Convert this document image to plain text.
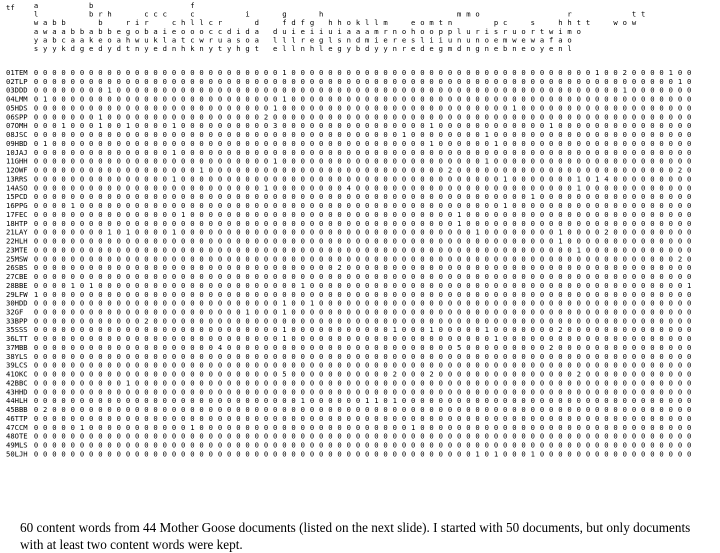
tf	a	b	f
l	b r h	c c c	c	i	g	h	m m o	r	t t
w a b b	b	r i r	c h l l c r	d	f d f g h h o k l l m	e o m t n	p c	s	h h t t	w o w
a w a a b b a b b e g o b a i e o o o c c d i d a d u i e i i u i a a a m r n o h o o p p l u r i s r u o r t w i m o
y a b c a a k e o a h w u k l a t c w r u a s o a l l l r e g l s n d m i e r e s l i i u n u n o e m w e w a f a o
s y y k d g e d y d t n y e d n h k n y t y h g t e l l n h l e g y b d y y n r e d e g m d n g n e b n e o y e n l
01TEM 0 0 0 0 0 0 0 0 0 0 0 0 0 0 0 0 0 0 0 0 0 0 0 0 0 0 0 1 0 0 0 0 0 0 0 0 0 0 0 0 0 0 0 0 0 0 0 0 0 0 0 0 0 0 0 0 0 0 0 0 0 1 0 0 2 0 0 0 0 1 0 0
02TLP 0 0 0 0 0 0 0 0 0 0 0 0 0 0 0 0 0 0 0 0 0 0 0 0 0 0 0 0 0 0 0 0 0 0 0 0 0 0 0 0 0 0 0 0 0 0 0 0 0 0 0 0 0 0 0 0 0 0 0 0 0 0 0 0 0 0 0 0 0 0 1 0
03DDD 0 0 0 0 0 0 0 0 1 0 0 0 0 0 0 0 0 0 0 0 0 0 0 0 0 0 0 0 0 0 0 0 0 0 0 0 0 0 0 0 0 0 0 0 0 0 0 0 0 0 0 0 0 0 0 0 0 0 0 0 0 0 0 0 1 0 0 0 0 0 0 0
04LMM 0 1 0 0 0 0 0 0 0 0 0 0 0 0 0 0 0 0 0 0 0 0 0 0 0 0 0 1 0 0 0 0 0 0 0 0 0 0 0 0 0 0 0 0 0 0 0 0 0 0 0 0 0 0 0 0 0 0 0 0 0 0 0 0 0 0 0 0 0 0 0 0
05HDS 0 0 0 0 0 0 0 0 0 0 0 0 0 0 0 0 0 0 0 0 0 0 0 0 0 0 1 0 0 0 0 0 0 0 0 0 0 0 0 0 0 0 0 0 0 0 0 0 0 0 0 0 1 0 0 0 0 0 0 0 0 0 0 0 0 0 0 0 0 0 0 0
06SPP 0 0 0 0 0 0 0 1 0 0 0 0 0 0 0 0 0 0 0 0 0 0 0 0 0 2 0 0 0 0 0 0 0 0 0 0 0 0 0 0 0 0 0 0 0 0 0 0 0 0 0 0 0 0 0 0 0 0 0 0 0 0 0 0 0 0 0 0 0 0 0 0
07OMH 0 0 0 1 0 0 0 1 0 0 1 0 0 0 0 1 0 0 0 0 0 0 0 0 0 0 3 0 0 0 0 0 0 0 0 0 0 0 0 0 0 0 0 1 0 0 0 0 0 0 0 0 0 0 0 0 1 0 0 0 0 0 0 0 0 0 0 0 0 0 0 0
08JSC 0 0 0 0 0 0 0 0 0 0 0 0 0 0 0 0 0 0 0 0 0 0 0 0 0 0 0 0 0 0 0 0 0 0 0 0 0 0 0 0 1 0 0 0 0 0 0 0 0 1 0 0 0 0 0 0 0 0 0 0 0 0 0 0 0 0 0 0 0 0 0 0
09HBD 0 1 0 0 0 0 0 0 0 0 0 0 0 0 0 0 0 0 0 0 0 0 0 0 0 0 0 0 0 0 0 0 0 0 0 0 0 0 0 0 0 0 0 1 0 0 0 0 0 0 1 0 0 0 0 0 0 0 0 0 0 0 0 0 0 0 0 0 0 0 0 0
10JAJ 0 0 0 0 0 0 0 0 0 0 0 0 0 0 0 1 0 0 0 0 0 0 0 0 0 0 0 0 0 0 0 0 0 0 0 0 0 0 0 0 0 0 0 0 0 0 0 0 0 0 0 0 0 0 0 0 0 0 0 0 0 0 0 0 0 0 0 0 0 0 0 0
11GHH 0 0 0 0 0 0 0 0 0 0 0 0 0 0 0 0 0 0 0 0 0 0 0 0 0 0 1 0 0 0 0 0 0 0 0 0 0 0 0 0 0 0 0 0 0 0 0 0 0 1 0 0 0 0 0 0 0 0 0 0 0 0 0 0 0 0 0 0 0 0 0 0
12OWF 0 0 0 0 0 0 0 0 0 0 0 0 0 0 0 0 0 0 1 0 0 0 0 0 0 0 0 0 0 0 0 0 0 0 0 0 0 0 0 0 0 0 0 0 0 2 0 0 0 0 0 0 0 0 0 0 0 0 0 0 0 0 0 0 0 0 0 0 0 0 2 0
13RRS 0 0 0 0 0 0 0 0 0 0 0 0 0 0 0 1 0 0 0 0 0 0 0 0 0 0 0 0 0 0 0 0 0 0 0 0 0 0 0 0 0 0 0 0 0 0 0 0 0 0 0 1 0 0 0 0 0 0 0 1 0 1 4 0 0 0 0 0 0 0 0 0
14ASO 0 0 0 0 0 0 0 0 0 0 0 0 0 0 0 0 0 0 0 0 0 0 0 0 0 1 0 0 0 0 0 0 0 0 4 0 0 0 0 0 0 0 0 0 0 0 0 0 0 0 0 0 0 0 0 0 0 0 0 1 0 0 0 0 0 0 0 0 0 0 0 0
15PCD 0 0 0 0 0 0 0 0 0 0 0 0 0 0 0 0 0 0 0 0 0 0 0 0 0 0 0 0 0 0 0 0 0 0 0 0 0 0 0 0 0 0 0 0 0 0 0 0 0 0 0 0 0 0 1 0 0 0 0 0 0 0 0 0 0 0 0 0 0 0 0 0
16PPG 0 0 0 0 1 0 0 0 0 0 0 0 0 0 0 0 0 0 0 0 0 0 0 0 0 0 0 0 0 0 0 0 0 0 0 0 0 0 0 0 0 0 0 0 0 0 0 0 0 0 0 1 0 0 0 0 0 0 0 0 0 0 0 0 0 0 0 0 0 0 0 0
17FEC 0 0 0 0 0 0 0 0 0 0 0 0 0 0 0 0 1 0 0 0 0 0 0 0 0 0 0 0 0 0 0 0 0 0 0 0 0 0 0 0 0 0 0 0 0 0 1 0 0 0 0 0 0 0 0 0 0 0 0 0 0 0 0 0 0 0 0 0 0 0 0 0
18HTP 0 0 0 0 0 0 0 0 0 0 0 0 0 0 0 0 0 0 0 0 0 0 0 0 0 0 0 0 0 0 0 0 0 0 0 0 0 0 0 0 0 0 0 0 0 0 1 0 0 0 0 0 0 0 0 0 0 0 0 0 0 0 0 0 0 0 0 0 0 0 0 0
21LAY 0 0 0 0 0 0 0 0 1 0 1 0 0 0 0 1 0 0 0 0 0 0 0 0 0 0 0 0 0 0 0 0 0 0 0 0 0 0 0 0 0 0 0 0 0 0 0 0 1 0 0 0 0 0 0 0 0 1 0 0 0 0 2 0 0 0 0 0 0 0 0 0
22HLH 0 0 0 0 0 0 0 0 0 0 0 0 0 0 0 0 0 0 0 0 0 0 0 0 0 0 0 0 0 0 0 0 0 0 0 0 0 0 0 0 0 0 0 0 0 0 0 0 0 0 0 0 0 0 0 0 0 1 0 0 0 0 0 0 0 0 0 0 0 0 0 0
23MTE 0 0 0 0 0 0 0 0 0 0 0 0 0 0 0 0 0 0 0 0 0 0 0 0 0 0 0 0 0 0 0 0 0 0 0 0 0 0 0 0 0 0 0 0 0 0 0 0 0 0 0 0 0 0 0 0 0 0 0 1 0 0 0 0 0 0 0 0 0 0 0 0
25MSW 0 0 0 0 0 0 0 0 0 0 0 0 0 0 0 0 0 0 0 0 0 0 0 0 0 0 0 0 0 0 0 0 0 0 0 0 0 0 0 0 0 0 0 0 0 0 0 0 0 0 0 0 0 0 0 0 0 0 0 0 0 0 0 0 0 0 0 0 0 0 2 0
26SBS 0 0 0 0 0 0 0 0 0 0 0 0 0 0 0 0 0 0 0 0 0 0 0 0 0 0 0 0 0 0 0 0 0 2 0 0 0 0 0 0 0 0 0 0 0 0 0 0 0 0 0 0 0 0 0 0 0 0 0 0 0 0 0 0 0 0 0 0 0 0 0 0
27CBE 0 0 0 0 0 0 0 0 0 0 0 0 0 0 0 0 0 0 0 0 0 0 0 0 0 0 0 0 0 0 0 0 0 0 0 0 0 0 0 0 0 0 0 0 0 0 0 0 0 0 0 0 0 0 0 0 0 0 0 0 0 0 0 0 0 0 0 0 0 0 0 0
28BBE 0 0 0 0 1 0 1 0 0 0 0 0 0 0 0 0 0 0 0 0 0 0 0 0 0 0 0 0 0 1 0 0 0 0 0 0 0 0 0 0 0 0 0 0 0 0 0 0 0 0 0 0 0 0 0 0 0 0 0 0 0 0 0 0 0 0 0 0 0 0 0 1
29LFW 1 0 0 0 0 0 0 0 0 0 0 0 0 0 0 0 0 0 0 0 0 0 0 0 0 0 0 0 0 0 0 0 0 0 0 0 0 0 0 0 0 0 0 0 0 0 0 0 0 0 0 0 0 0 0 0 0 0 0 0 0 0 0 0 0 0 0 0 0 0 0 0
30HDD 0 0 0 0 0 0 0 0 0 0 0 0 0 0 0 0 0 0 0 0 0 0 0 0 0 0 0 1 0 0 1 0 0 0 0 0 0 0 0 0 0 0 0 0 0 0 0 0 0 0 0 0 0 0 0 0 0 0 0 0 0 0 0 0 0 0 0 0 0 0 0 0
32GF 0 0 0 0 0 0 0 0 0 0 0 0 0 0 0 0 0 0 0 0 0 0 0 1 0 0 0 1 0 0 0 0 0 0 0 0 0 0 0 0 0 0 0 0 0 0 0 0 0 0 0 0 0 0 0 0 0 0 0 0 0 0 0 0 0 0 0 0 0 0 0 0
33BPP 0 0 0 0 0 0 0 0 0 0 0 0 2 0 0 0 0 0 0 0 0 0 0 0 0 0 0 0 0 0 0 0 0 0 0 0 0 0 0 0 0 0 0 0 0 0 0 0 0 0 0 0 0 0 0 0 0 0 0 0 0 0 0 0 0 0 0 0 0 0 0 0
35SSS 0 0 0 0 0 0 0 0 0 0 0 0 0 0 0 0 0 0 0 0 0 0 0 0 0 0 0 1 0 0 0 0 0 0 0 0 0 0 0 1 0 0 0 1 0 0 0 0 0 1 0 0 0 0 0 0 0 2 0 0 0 0 0 0 0 0 0 0 0 0 0 0
36LTT 0 0 0 0 0 0 0 0 0 0 0 0 0 0 0 0 0 0 0 0 0 0 0 0 0 0 0 1 0 0 0 0 0 0 0 0 0 0 0 0 0 0 0 0 0 0 0 0 0 0 1 0 0 0 0 0 0 0 0 0 0 0 0 0 0 0 0 0 0 0 0 0
37MBB 0 0 0 0 0 0 0 0 0 0 0 0 0 0 0 0 0 0 0 0 4 0 0 0 0 0 0 0 0 0 0 0 0 0 0 0 0 0 0 0 0 0 0 0 0 0 5 0 0 0 0 0 0 0 0 0 2 0 0 0 0 0 0 0 0 0 0 0 0 0 0 0
38YLS 0 0 0 0 0 0 0 0 0 0 0 0 0 0 0 0 0 0 0 0 0 0 0 0 0 0 0 0 0 0 0 0 0 0 0 0 0 0 0 0 0 0 0 0 0 0 0 0 0 0 0 0 0 0 0 0 0 0 0 0 0 0 0 0 0 0 0 0 0 0 0 0
39LCS 0 0 0 0 0 0 0 0 0 0 0 0 0 0 0 0 0 0 0 0 0 0 0 0 0 0 0 0 0 0 0 0 0 0 0 0 0 0 0 0 0 0 0 0 0 0 0 0 0 0 0 0 0 0 0 0 0 0 0 0 0 0 0 0 0 0 0 0 0 0 0 0
41OKC 0 0 0 0 0 0 0 0 0 0 0 0 0 0 0 0 0 0 0 0 0 0 0 0 0 0 0 5 0 0 0 0 0 0 0 0 0 0 0 2 0 0 0 2 0 0 0 0 0 0 0 0 0 0 0 0 0 0 0 2 0 0 0 0 0 0 0 0 0 0 0 0
42BBC 0 0 0 0 0 0 0 0 0 0 1 0 0 0 0 0 0 0 0 0 0 0 0 0 0 0 0 0 0 0 0 0 0 0 0 0 0 0 0 0 0 0 0 0 0 0 0 0 0 0 0 0 0 0 0 0 0 0 0 0 0 0 0 0 0 0 0 0 0 0 0 0
43HHD 0 0 0 0 0 0 0 0 0 0 0 0 0 0 0 0 0 0 0 0 0 0 0 0 0 0 0 0 0 0 0 0 0 0 0 0 0 0 0 0 0 0 0 0 0 0 0 0 0 0 0 0 0 0 0 0 0 0 0 0 0 0 0 0 0 0 0 0 0 0 0 0
44HLH 0 0 0 0 0 0 0 0 0 0 0 0 0 0 0 0 0 0 0 0 0 0 0 0 0 0 0 0 0 1 0 0 0 0 0 0 1 1 0 1 0 0 0 0 0 0 0 0 0 0 0 0 0 0 0 0 0 0 0 0 0 0 0 0 0 0 0 0 0 0 0 0
45BBB 0 2 0 0 0 0 0 0 0 0 0 0 0 0 0 0 0 0 0 0 0 0 0 0 0 0 0 0 0 0 0 0 0 0 0 0 0 0 0 0 0 0 0 0 0 0 0 0 0 0 0 0 0 0 0 0 0 0 0 0 0 0 0 0 0 0 0 0 0 0 0 0
46TTP 0 0 0 0 0 0 0 0 0 0 0 0 0 0 0 0 0 0 0 0 0 0 0 0 0 0 0 0 0 0 0 0 0 0 0 0 0 0 0 0 0 0 0 0 0 0 0 0 0 0 0 0 0 0 0 0 0 0 0 0 0 0 0 0 0 0 0 0 0 0 0 0
47CCM 0 0 0 0 0 1 0 0 0 0 0 0 0 0 0 0 0 1 0 0 0 0 0 0 0 0 0 0 0 0 0 0 0 0 0 0 0 0 0 0 0 1 0 0 0 0 0 0 0 0 0 0 0 0 0 0 0 0 0 0 0 0 0 0 0 0 0 0 0 0 0 0
48OTE 0 0 0 0 0 0 0 0 0 0 0 0 0 0 0 0 0 0 0 0 0 0 0 0 0 0 0 0 0 0 0 0 0 0 0 0 0 0 0 0 0 0 0 0 0 0 0 0 0 0 0 0 0 0 0 0 0 0 0 0 0 0 0 0 0 0 0 0 0 0 0 0
49MLS 0 0 0 0 0 0 0 0 0 0 0 0 0 0 0 0 0 0 0 0 0 0 0 0 0 0 0 0 0 0 0 0 0 0 0 0 0 0 0 0 0 0 0 0 0 0 0 0 0 0 0 0 0 0 0 0 0 0 0 0 0 0 0 0 0 0 0 0 0 0 0 0
50LJH 0 0 0 0 0 0 0 0 0 0 0 0 0 0 0 0 0 0 0 0 0 0 0 0 0 0 0 0 0 0 0 0 0 0 0 0 0 0 0 0 0 0 0 0 0 0 0 0 1 0 1 0 0 0 1 0 0 0 0 0 0 0 0 0 0 0 0 0 0 0 0 0

60 content words from 44 Mother Goose documents (listed on the next slide). I started with 50 documents, but only documents with at least two content words were kept.
